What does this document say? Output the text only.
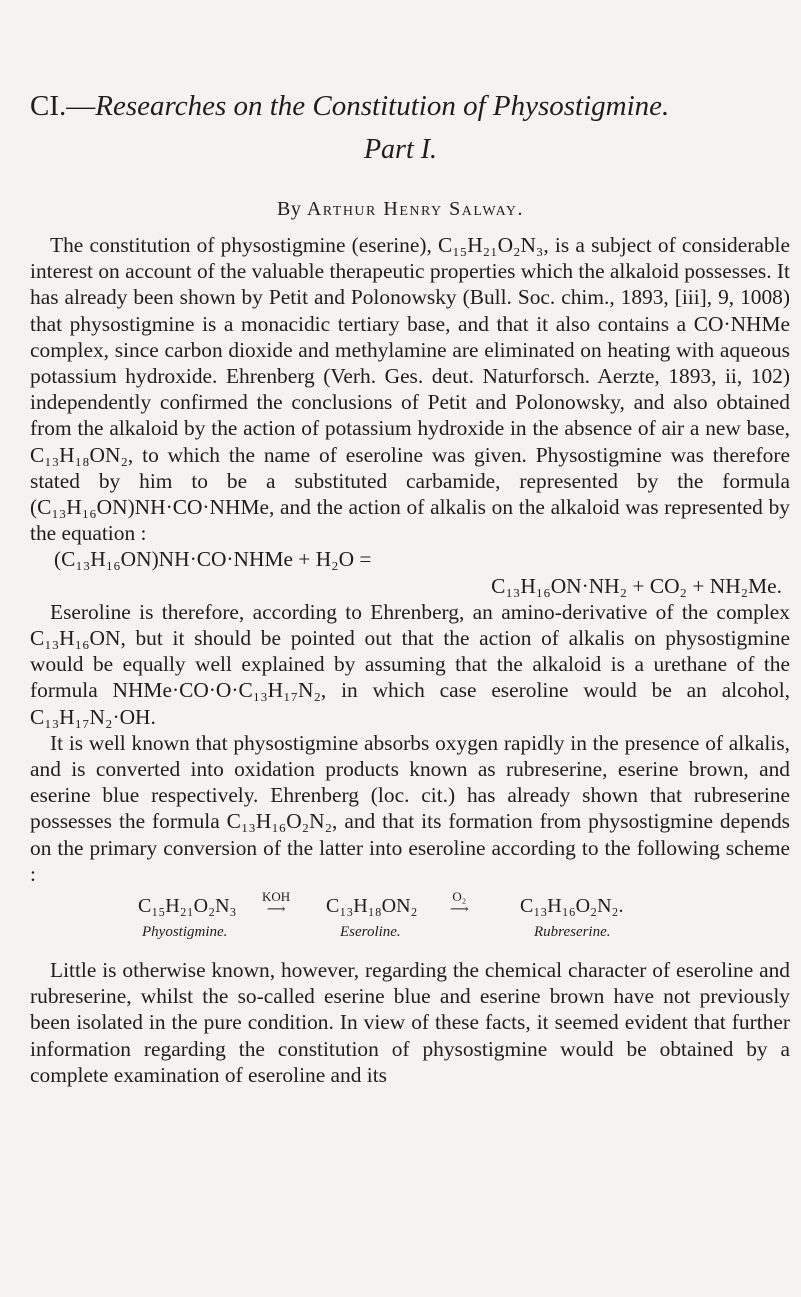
CI.—Researches on the Constitution of Physostigmine.
Part I.
By Arthur Henry Salway.

The constitution of physostigmine (eserine), C₁₅H₂₁O₂N₃, is a subject of considerable interest on account of the valuable therapeutic properties which the alkaloid possesses. It has already been shown by Petit and Polonowsky (Bull. Soc. chim., 1893, [iii], 9, 1008) that physostigmine is a monacidic tertiary base, and that it also contains a CO·NHMe complex, since carbon dioxide and methylamine are eliminated on heating with aqueous potassium hydroxide. Ehrenberg (Verh. Ges. deut. Naturforsch. Aerzte, 1893, ii, 102) independently confirmed the conclusions of Petit and Polonowsky, and also obtained from the alkaloid by the action of potassium hydroxide in the absence of air a new base, C₁₃H₁₈ON₂, to which the name of eseroline was given. Physostigmine was therefore stated by him to be a substituted carbamide, represented by the formula (C₁₃H₁₆ON)NH·CO·NHMe, and the action of alkalis on the alkaloid was represented by the equation :

(C₁₃H₁₆ON)NH·CO·NHMe + H₂O =

C₁₃H₁₆ON·NH₂ + CO₂ + NH₂Me.

Eseroline is therefore, according to Ehrenberg, an amino-derivative of the complex C₁₃H₁₆ON, but it should be pointed out that the action of alkalis on physostigmine would be equally well explained by assuming that the alkaloid is a urethane of the formula NHMe·CO·O·C₁₃H₁₇N₂, in which case eseroline would be an alcohol, C₁₃H₁₇N₂·OH.

It is well known that physostigmine absorbs oxygen rapidly in the presence of alkalis, and is converted into oxidation products known as rubreserine, eserine brown, and eserine blue respectively. Ehrenberg (loc. cit.) has already shown that rubreserine possesses the formula C₁₃H₁₆O₂N₂, and that its formation from physostigmine depends on the primary conversion of the latter into eseroline according to the following scheme :

C₁₅H₂₁O₂N₃
Phyostigmine.
KOH
⟶ C₁₃H₁₈ON₂
Eseroline.
O₂
⟶	C₁₃H₁₆O₂N₂.
Rubreserine.

Little is otherwise known, however, regarding the chemical character of eseroline and rubreserine, whilst the so-called eserine blue and eserine brown have not previously been isolated in the pure condition. In view of these facts, it seemed evident that further information regarding the constitution of physostigmine would be obtained by a complete examination of eseroline and its
